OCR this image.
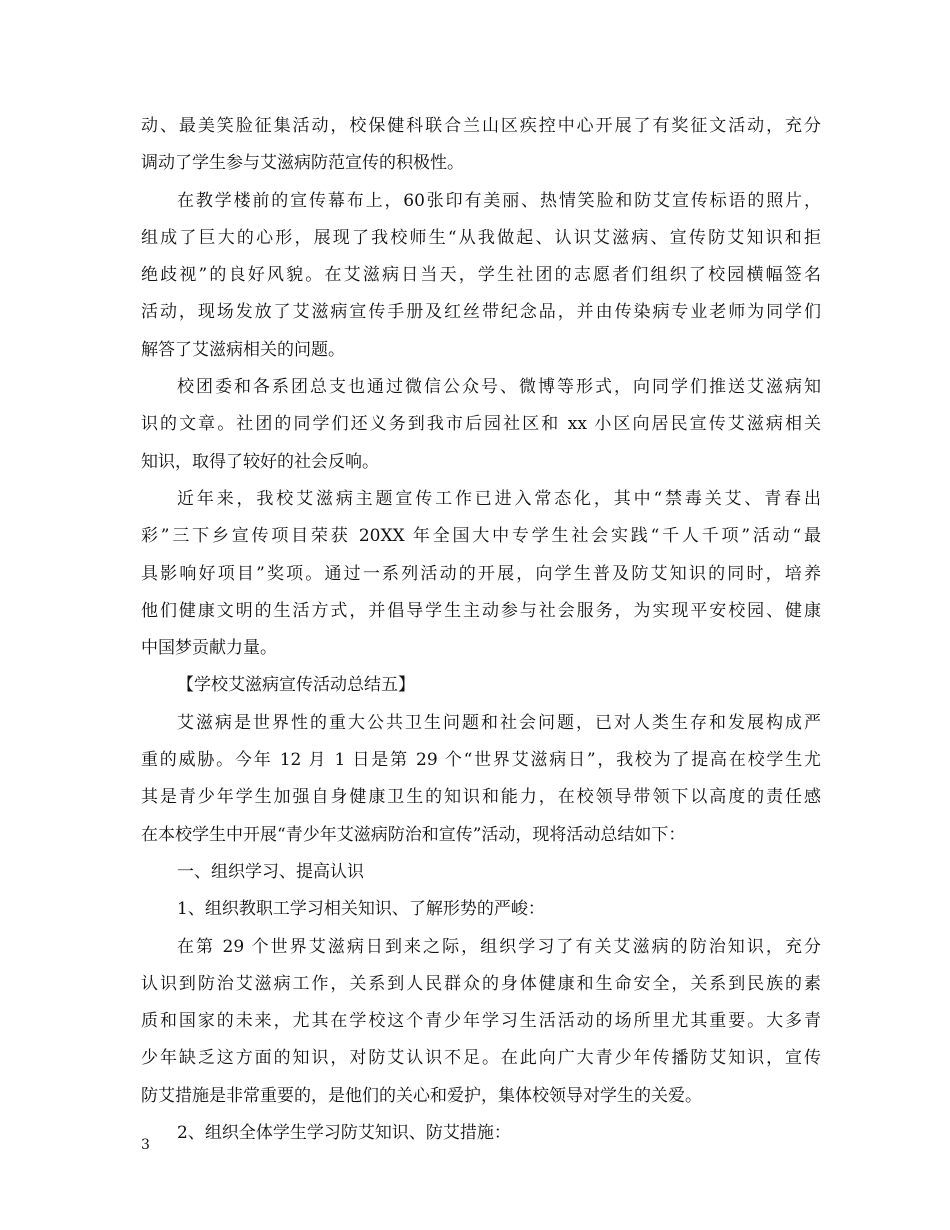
动、最美笑脸征集活动，校保健科联合兰山区疾控中心开展了有奖征文活动，充分
调动了学生参与艾滋病防范宣传的积极性。
在教学楼前的宣传幕布上，60张印有美丽、热情笑脸和防艾宣传标语的照片，
组成了巨大的心形，展现了我校师生“从我做起、认识艾滋病、宣传防艾知识和拒
绝歧视”的良好风貌。在艾滋病日当天，学生社团的志愿者们组织了校园横幅签名
活动，现场发放了艾滋病宣传手册及红丝带纪念品，并由传染病专业老师为同学们
解答了艾滋病相关的问题。
校团委和各系团总支也通过微信公众号、微博等形式，向同学们推送艾滋病知
识的文章。社团的同学们还义务到我市后园社区和 xx 小区向居民宣传艾滋病相关
知识，取得了较好的社会反响。
近年来，我校艾滋病主题宣传工作已进入常态化，其中“禁毒关艾、青春出
彩”三下乡宣传项目荣获 20XX 年全国大中专学生社会实践“千人千项”活动“最
具影响好项目”奖项。通过一系列活动的开展，向学生普及防艾知识的同时，培养
他们健康文明的生活方式，并倡导学生主动参与社会服务，为实现平安校园、健康
中国梦贡献力量。
【学校艾滋病宣传活动总结五】
艾滋病是世界性的重大公共卫生问题和社会问题，已对人类生存和发展构成严
重的威胁。今年 12 月 1 日是第 29 个“世界艾滋病日”，我校为了提高在校学生尤
其是青少年学生加强自身健康卫生的知识和能力，在校领导带领下以高度的责任感
在本校学生中开展“青少年艾滋病防治和宣传”活动，现将活动总结如下：
一、组织学习、提高认识
1、组织教职工学习相关知识、了解形势的严峻：
在第 29 个世界艾滋病日到来之际，组织学习了有关艾滋病的防治知识，充分
认识到防治艾滋病工作，关系到人民群众的身体健康和生命安全，关系到民族的素
质和国家的未来，尤其在学校这个青少年学习生活活动的场所里尤其重要。大多青
少年缺乏这方面的知识，对防艾认识不足。在此向广大青少年传播防艾知识，宣传
防艾措施是非常重要的，是他们的关心和爱护，集体校领导对学生的关爱。
2、组织全体学生学习防艾知识、防艾措施：
3
